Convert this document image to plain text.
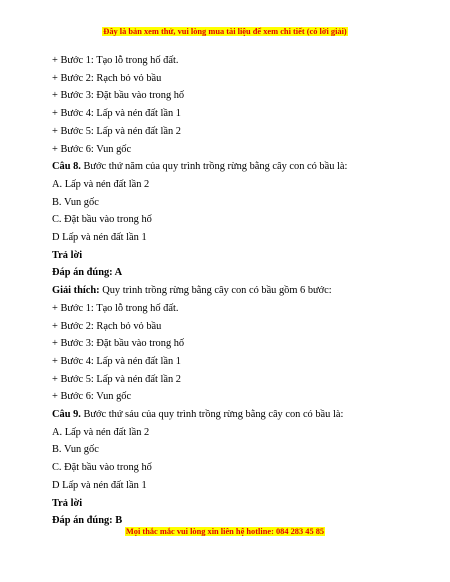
Đây là bản xem thử, vui lòng mua tài liệu để xem chi tiết (có lời giải)
+ Bước 1: Tạo lỗ trong hố đất.
+ Bước 2: Rạch bỏ vỏ bầu
+ Bước 3: Đặt bầu vào trong hố
+ Bước 4: Lấp và nén đất lần 1
+ Bước 5: Lấp và nén đất lần 2
+ Bước 6: Vun gốc
Câu 8. Bước thứ năm của quy trình trồng rừng bằng cây con có bầu là:
A. Lấp và nén đất lần 2
B. Vun gốc
C. Đặt bầu vào trong hố
D Lấp và nén đất lần 1
Trả lời
Đáp án đúng: A
Giải thích: Quy trình trồng rừng bằng cây con có bầu gồm 6 bước:
+ Bước 1: Tạo lỗ trong hố đất.
+ Bước 2: Rạch bỏ vỏ bầu
+ Bước 3: Đặt bầu vào trong hố
+ Bước 4: Lấp và nén đất lần 1
+ Bước 5: Lấp và nén đất lần 2
+ Bước 6: Vun gốc
Câu 9. Bước thứ sáu của quy trình trồng rừng bằng cây con có bầu là:
A. Lấp và nén đất lần 2
B. Vun gốc
C. Đặt bầu vào trong hố
D Lấp và nén đất lần 1
Trả lời
Đáp án đúng: B
Mọi thắc mắc vui lòng xin liên hệ hotline: 084 283 45 85
